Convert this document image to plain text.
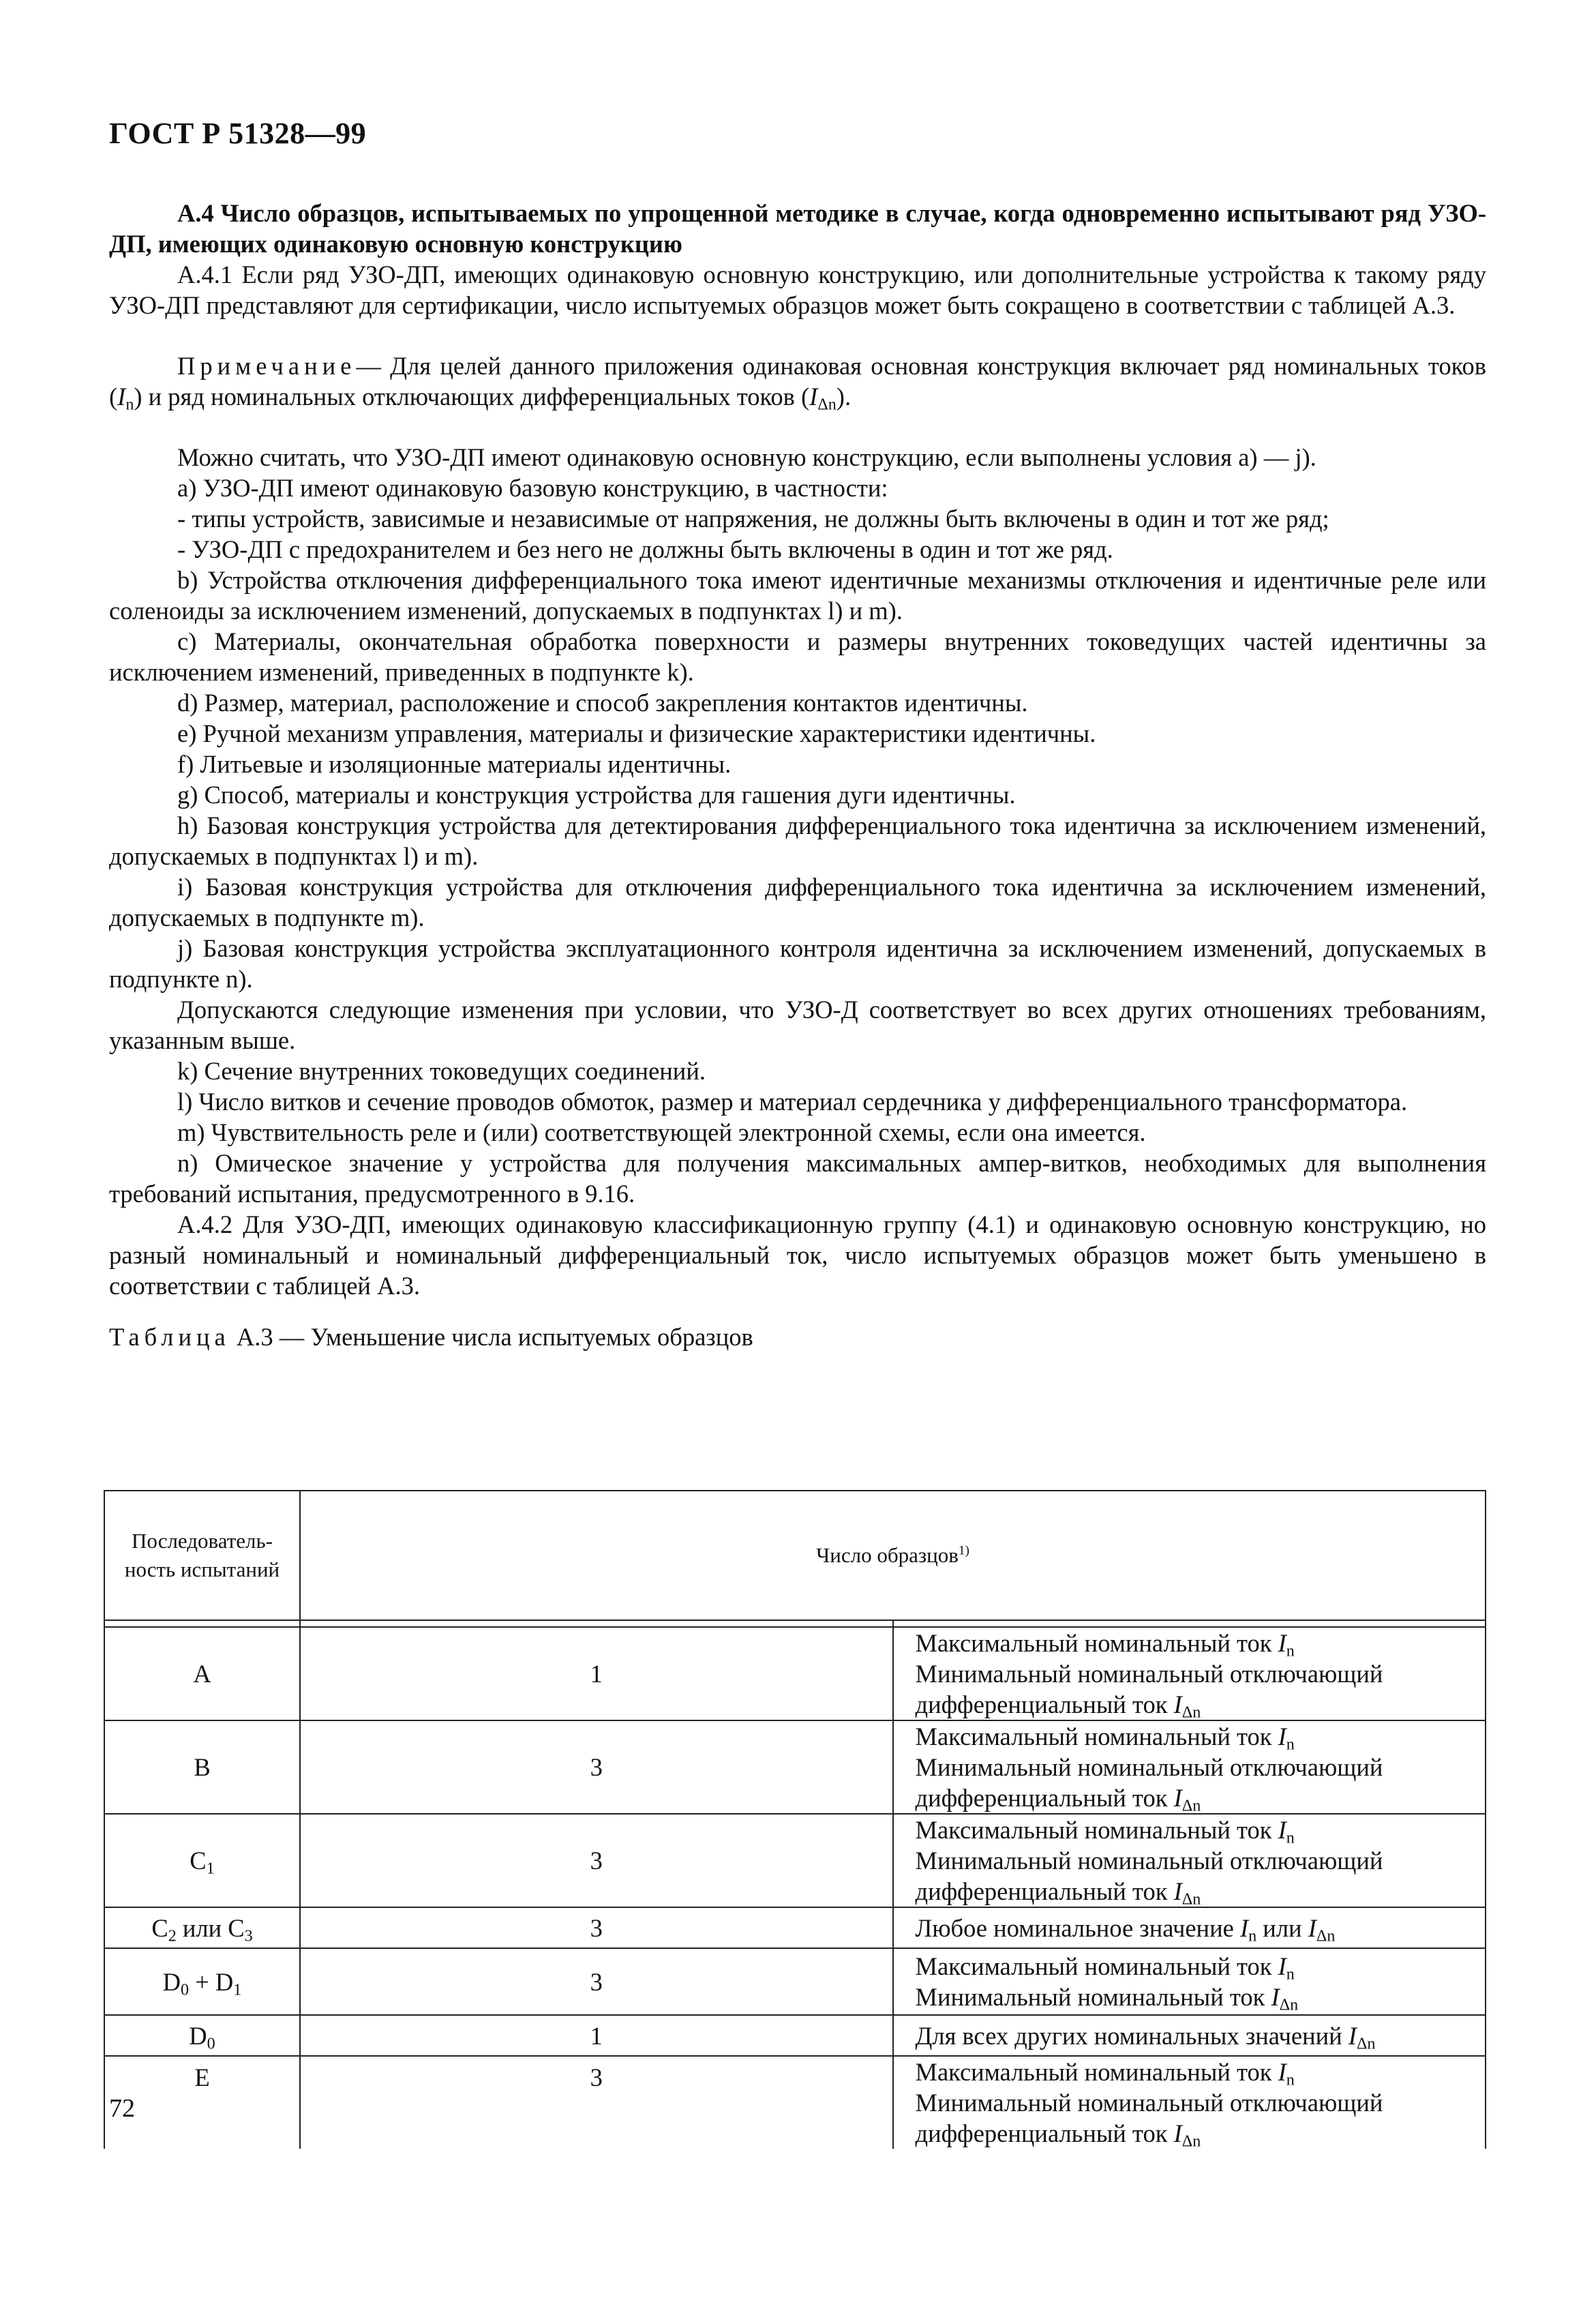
ГОСТ Р 51328—99

А.4 Число образцов, испытываемых по упрощенной методике в случае, когда одновременно испытывают ряд УЗО-ДП, имеющих одинаковую основную конструкцию

А.4.1 Если ряд УЗО-ДП, имеющих одинаковую основную конструкцию, или дополнительные устройства к такому ряду УЗО-ДП представляют для сертификации, число испытуемых образцов может быть сокращено в соответствии с таблицей А.3.

Примечание— Для целей данного приложения одинаковая основная конструкция включает ряд номинальных токов $(I_n)$ и ряд номинальных отключающих дифференциальных токов $(I_{\Delta n})$.

Можно считать, что УЗО-ДП имеют одинаковую основную конструкцию, если выполнены условия а) — j).

а) УЗО-ДП имеют одинаковую базовую конструкцию, в частности:

- типы устройств, зависимые и независимые от напряжения, не должны быть включены в один и тот же ряд;

- УЗО-ДП с предохранителем и без него не должны быть включены в один и тот же ряд.

b) Устройства отключения дифференциального тока имеют идентичные механизмы отключения и идентичные реле или соленоиды за исключением изменений, допускаемых в подпунктах l) и m).

c) Материалы, окончательная обработка поверхности и размеры внутренних токоведущих частей идентичны за исключением изменений, приведенных в подпункте k).

d) Размер, материал, расположение и способ закрепления контактов идентичны.

e) Ручной механизм управления, материалы и физические характеристики идентичны.

f) Литьевые и изоляционные материалы идентичны.

g) Способ, материалы и конструкция устройства для гашения дуги идентичны.

h) Базовая конструкция устройства для детектирования дифференциального тока идентична за исключением изменений, допускаемых в подпунктах l) и m).

i) Базовая конструкция устройства для отключения дифференциального тока идентична за исключением изменений, допускаемых в подпункте m).

j) Базовая конструкция устройства эксплуатационного контроля идентична за исключением изменений, допускаемых в подпункте n).

Допускаются следующие изменения при условии, что УЗО-Д соответствует во всех других отношениях требованиям, указанным выше.

k) Сечение внутренних токоведущих соединений.

l) Число витков и сечение проводов обмоток, размер и материал сердечника у дифференциального трансформатора.

m) Чувствительность реле и (или) соответствующей электронной схемы, если она имеется.

n) Омическое значение у устройства для получения максимальных ампер-витков, необходимых для выполнения требований испытания, предусмотренного в 9.16.

А.4.2 Для УЗО-ДП, имеющих одинаковую классификационную группу (4.1) и одинаковую основную конструкцию, но разный номинальный и номинальный дифференциальный ток, число испытуемых образцов может быть уменьшено в соответствии с таблицей А.3.

Таблица А.3 — Уменьшение числа испытуемых образцов

Последователь-ность испытаний	Число образцов$^{1)}$

A	1	Максимальный номинальный ток $I_n$
Минимальный номинальный отключающий дифференциальный ток $I_{\Delta n}$

B	3	Максимальный номинальный ток $I_n$
Минимальный номинальный отключающий дифференциальный ток $I_{\Delta n}$

$C_1$	3	Максимальный номинальный ток $I_n$
Минимальный номинальный отключающий дифференциальный ток $I_{\Delta n}$

$C_2$ или $C_3$	3	Любое номинальное значение $I_n$ или $I_{\Delta n}$

$D_0 + D_1$	3	Максимальный номинальный ток $I_n$
Минимальный номинальный ток $I_{\Delta n}$

$D_0$	1	Для всех других номинальных значений $I_{\Delta n}$

E	3	Максимальный номинальный ток $I_n$
Минимальный номинальный отключающий дифференциальный ток $I_{\Delta n}$
72
